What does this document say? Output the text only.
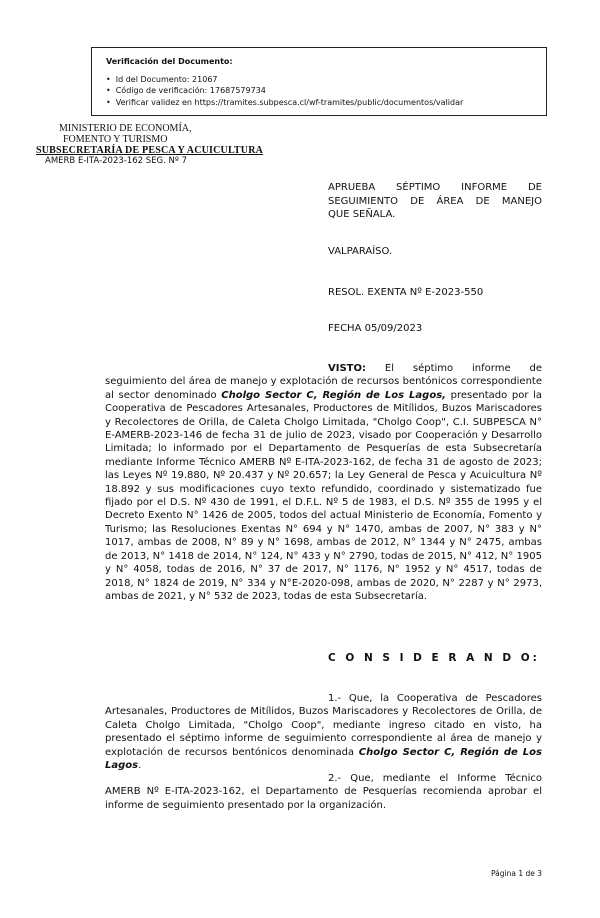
Verificación del Documento:
• Id del Documento: 21067
• Código de verificación: 17687579734
• Verificar validez en https://tramites.subpesca.cl/wf-tramites/public/documentos/validar
MINISTERIO DE ECONOMÍA,
FOMENTO Y TURISMO
SUBSECRETARÍA DE PESCA Y ACUICULTURA
AMERB E-ITA-2023-162 SEG. Nº 7
APRUEBA SÉPTIMO INFORME DE
SEGUIMIENTO DE ÁREA DE MANEJO
QUE SEÑALA.
VALPARAÍSO.
RESOL. EXENTA Nº E-2023-550
FECHA 05/09/2023
VISTO: El séptimo informe de seguimiento del área de manejo y explotación de recursos bentónicos correspondiente al sector denominado Cholgo Sector C, Región de Los Lagos, presentado por la Cooperativa de Pescadores Artesanales, Productores de Mitílidos, Buzos Mariscadores y Recolectores de Orilla, de Caleta Cholgo Limitada, "Cholgo Coop", C.I. SUBPESCA N° E-AMERB-2023-146 de fecha 31 de julio de 2023, visado por Cooperación y Desarrollo Limitada; lo informado por el Departamento de Pesquerías de esta Subsecretaría mediante Informe Técnico AMERB Nº E-ITA-2023-162, de fecha 31 de agosto de 2023; las Leyes Nº 19.880, Nº 20.437 y Nº 20.657; la Ley General de Pesca y Acuicultura Nº 18.892 y sus modificaciones cuyo texto refundido, coordinado y sistematizado fue fijado por el D.S. Nº 430 de 1991, el D.F.L. Nº 5 de 1983, el D.S. Nº 355 de 1995 y el Decreto Exento N° 1426 de 2005, todos del actual Ministerio de Economía, Fomento y Turismo; las Resoluciones Exentas N° 694 y N° 1470, ambas de 2007, N° 383 y N° 1017, ambas de 2008, N° 89 y N° 1698, ambas de 2012, N° 1344 y N° 2475, ambas de 2013, N° 1418 de 2014, N° 124, N° 433 y N° 2790, todas de 2015, N° 412, N° 1905 y N° 4058, todas de 2016, N° 37 de 2017, N° 1176, N° 1952 y N° 4517, todas de 2018, N° 1824 de 2019, N° 334 y N°E-2020-098, ambas de 2020, N° 2287 y N° 2973, ambas de 2021, y N° 532 de 2023, todas de esta Subsecretaría.
C O N S I D E R A N D O:
1.- Que, la Cooperativa de Pescadores Artesanales, Productores de Mitílidos, Buzos Mariscadores y Recolectores de Orilla, de Caleta Cholgo Limitada, "Cholgo Coop", mediante ingreso citado en visto, ha presentado el séptimo informe de seguimiento correspondiente al área de manejo y explotación de recursos bentónicos denominada Cholgo Sector C, Región de Los Lagos.
2.- Que, mediante el Informe Técnico AMERB Nº E-ITA-2023-162, el Departamento de Pesquerías recomienda aprobar el informe de seguimiento presentado por la organización.
Página 1 de 3
